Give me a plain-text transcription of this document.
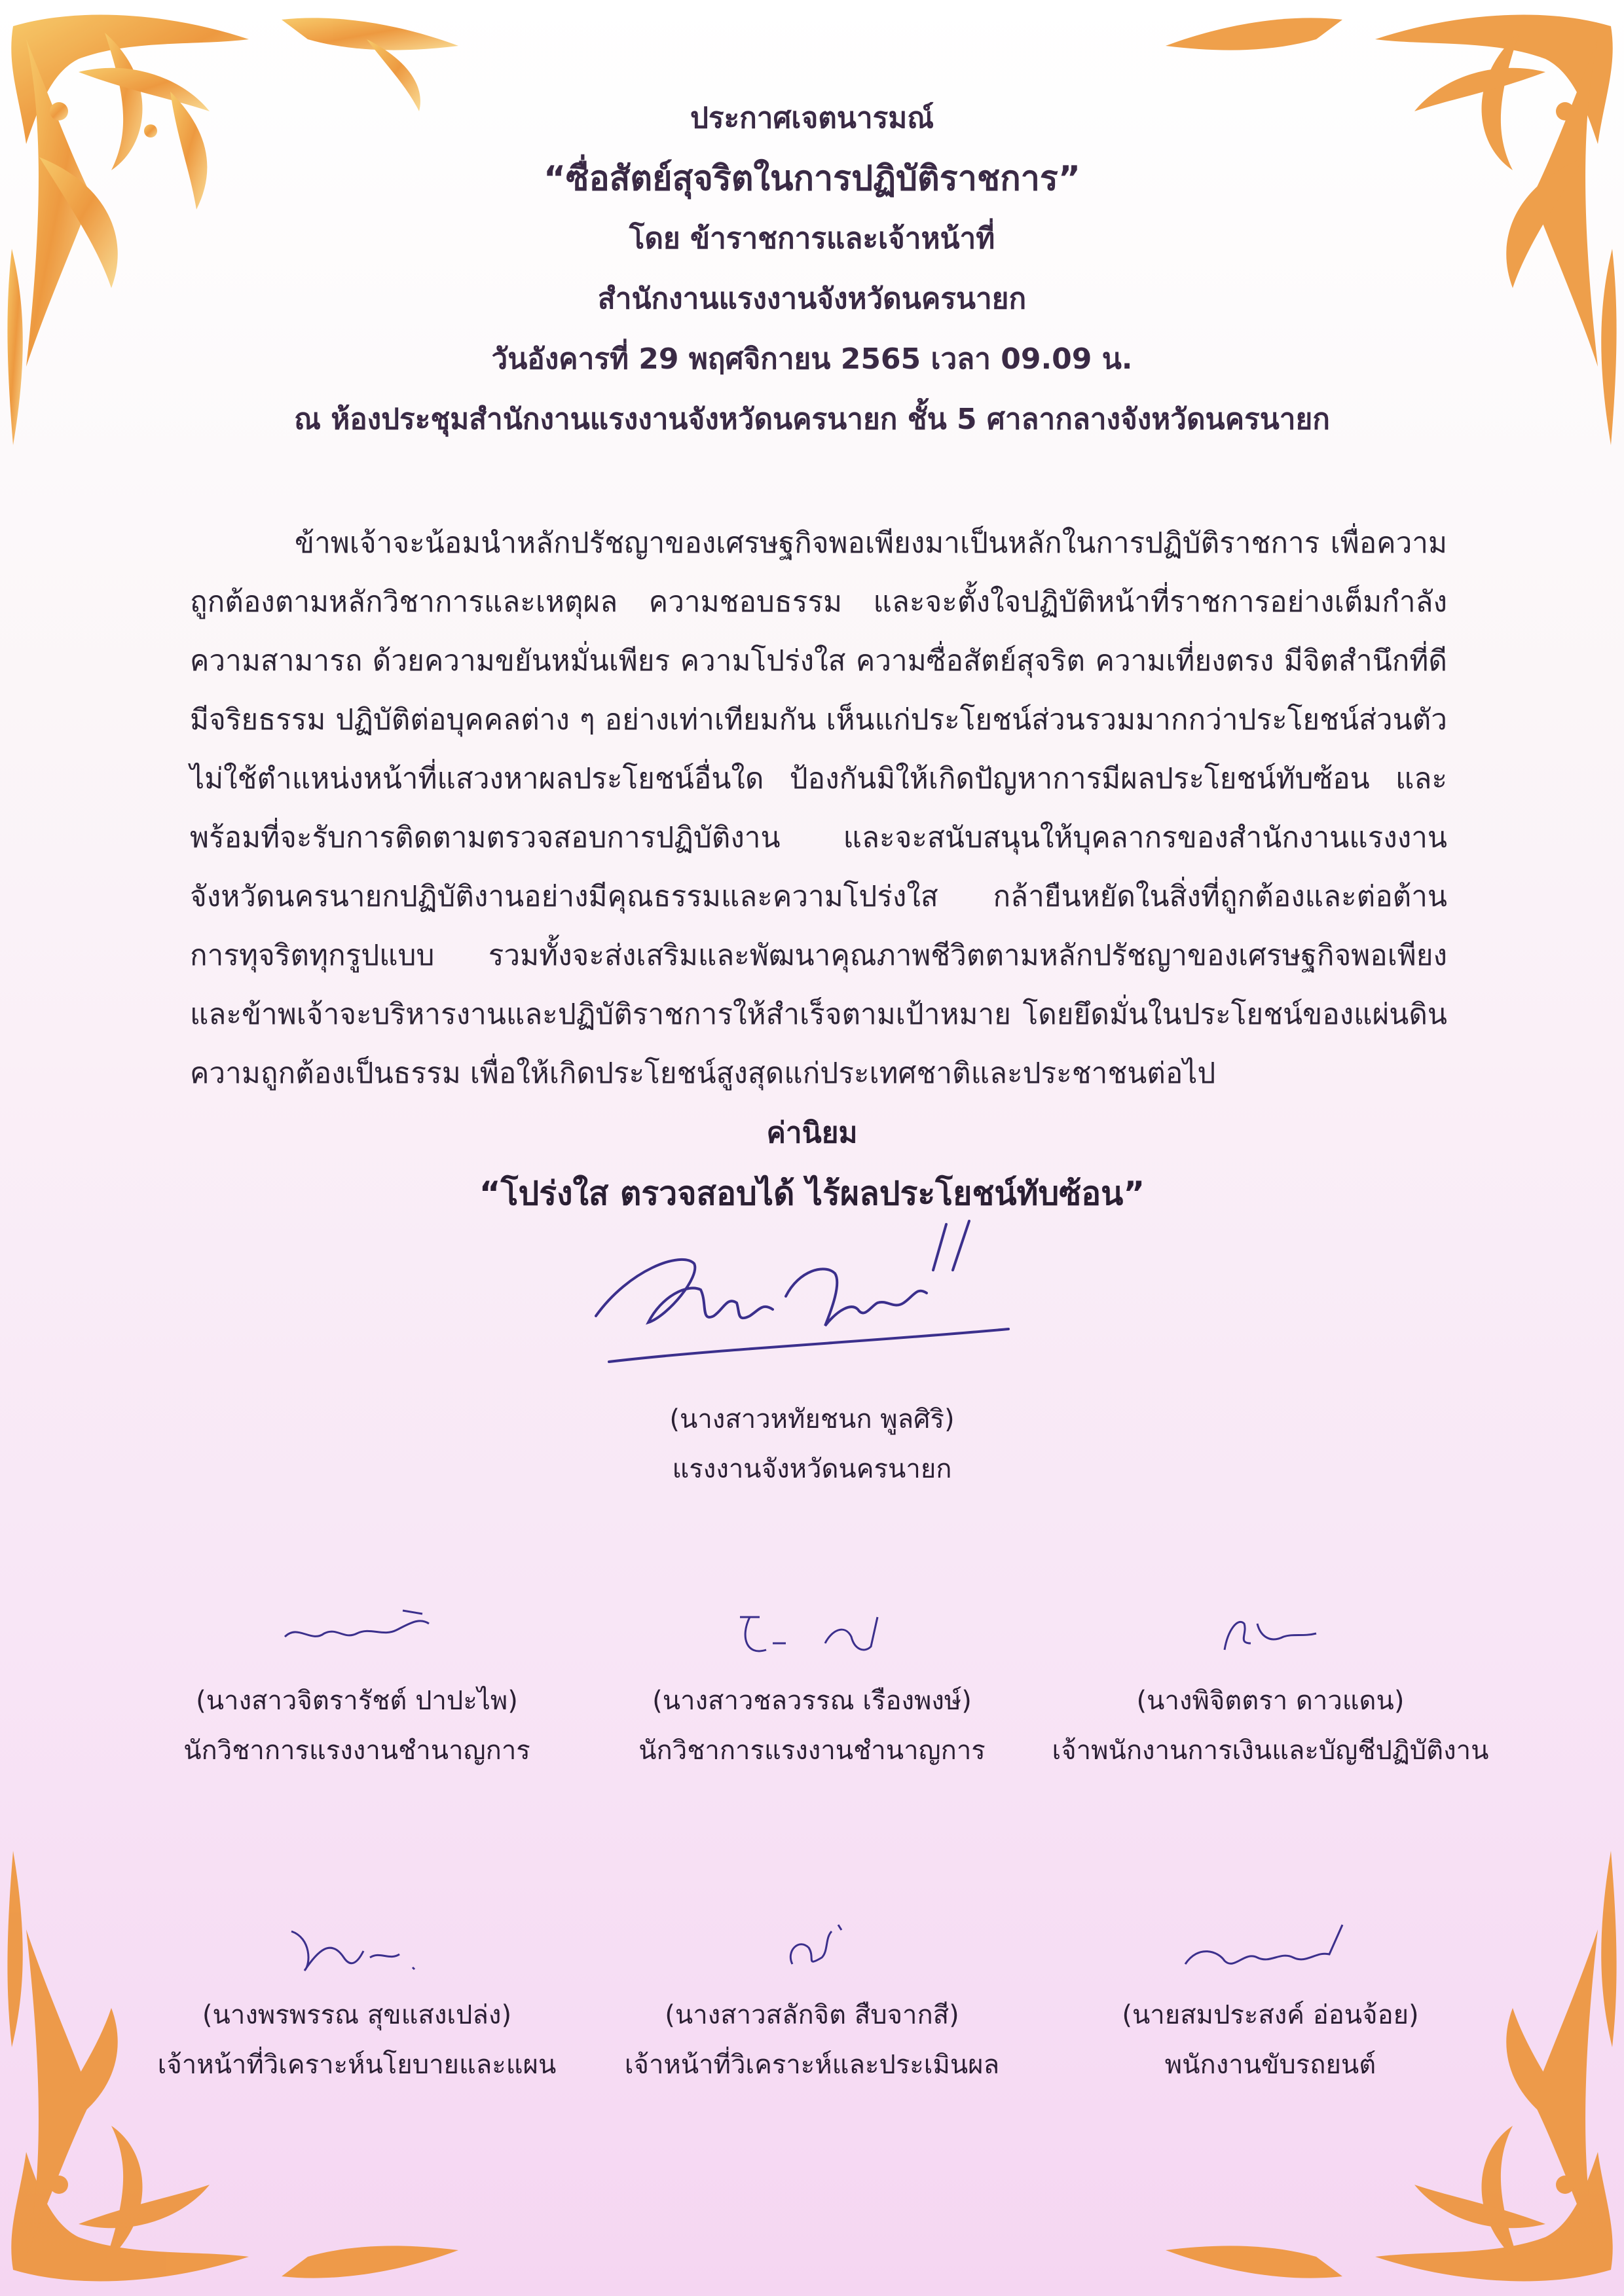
ประกาศเจตนารมณ์
“ซื่อสัตย์สุจริตในการปฏิบัติราชการ”
โดย ข้าราชการและเจ้าหน้าที่
สำนักงานแรงงานจังหวัดนครนายก
วันอังคารที่ 29 พฤศจิกายน 2565 เวลา 09.09 น.
ณ ห้องประชุมสำนักงานแรงงานจังหวัดนครนายก ชั้น 5 ศาลากลางจังหวัดนครนายก
ข้าพเจ้าจะน้อมนำหลักปรัชญาของเศรษฐกิจพอเพียงมาเป็นหลักในการปฏิบัติราชการ เพื่อความถูกต้องตามหลักวิชาการและเหตุผล ความชอบธรรม และจะตั้งใจปฏิบัติหน้าที่ราชการอย่างเต็มกำลังความสามารถ ด้วยความขยันหมั่นเพียร ความโปร่งใส ความซื่อสัตย์สุจริต ความเที่ยงตรง มีจิตสำนึกที่ดีมีจริยธรรม ปฏิบัติต่อบุคคลต่าง ๆ อย่างเท่าเทียมกัน เห็นแก่ประโยชน์ส่วนรวมมากกว่าประโยชน์ส่วนตัว ไม่ใช้ตำแหน่งหน้าที่แสวงหาผลประโยชน์อื่นใด ป้องกันมิให้เกิดปัญหาการมีผลประโยชน์ทับซ้อน และพร้อมที่จะรับการติดตามตรวจสอบการปฏิบัติงาน และจะสนับสนุนให้บุคลากรของสำนักงานแรงงานจังหวัดนครนายกปฏิบัติงานอย่างมีคุณธรรมและความโปร่งใส กล้ายืนหยัดในสิ่งที่ถูกต้องและต่อต้านการทุจริตทุกรูปแบบ รวมทั้งจะส่งเสริมและพัฒนาคุณภาพชีวิตตามหลักปรัชญาของเศรษฐกิจพอเพียง และข้าพเจ้าจะบริหารงานและปฏิบัติราชการให้สำเร็จตามเป้าหมาย โดยยึดมั่นในประโยชน์ของแผ่นดิน ความถูกต้องเป็นธรรม เพื่อให้เกิดประโยชน์สูงสุดแก่ประเทศชาติและประชาชนต่อไป
ค่านิยม
“โปร่งใส ตรวจสอบได้ ไร้ผลประโยชน์ทับซ้อน”
(นางสาวหทัยชนก พูลศิริ)
แรงงานจังหวัดนครนายก
(นางสาวจิตรารัชต์ ปาปะไพ)
นักวิชาการแรงงานชำนาญการ
(นางสาวชลวรรณ เรืองพงษ์)
นักวิชาการแรงงานชำนาญการ
(นางพิจิตตรา ดาวแดน)
เจ้าพนักงานการเงินและบัญชีปฏิบัติงาน
(นางพรพรรณ สุขแสงเปล่ง)
เจ้าหน้าที่วิเคราะห์นโยบายและแผน
(นางสาวสลักจิต สืบจากสี)
เจ้าหน้าที่วิเคราะห์และประเมินผล
(นายสมประสงค์ อ่อนจ้อย)
พนักงานขับรถยนต์
